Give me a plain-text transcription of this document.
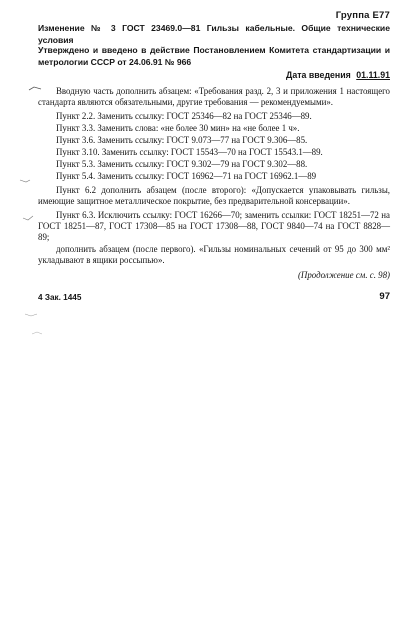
Группа Е77
Изменение № 3 ГОСТ 23469.0—81 Гильзы кабельные. Общие технические условия
Утверждено и введено в действие Постановлением Комитета стандартизации и метрологии СССР от 24.06.91 № 966
Дата введения 01.11.91

Вводную часть дополнить абзацем: «Требования разд. 2, 3 и приложения 1 настоящего стандарта являются обязательными, другие требования — рекомендуемыми».

Пункт 2.2. Заменить ссылку: ГОСТ 25346—82 на ГОСТ 25346—89.

Пункт 3.3. Заменить слова: «не более 30 мин» на «не более 1 ч».

Пункт 3.6. Заменить ссылку: ГОСТ 9.073—77 на ГОСТ 9.306—85.

Пункт 3.10. Заменить ссылку: ГОСТ 15543—70 на ГОСТ 15543.1—89.

Пункт 5.3. Заменить ссылку: ГОСТ 9.302—79 на ГОСТ 9.302—88.

Пункт 5.4. Заменить ссылку: ГОСТ 16962—71 на ГОСТ 16962.1—89

Пункт 6.2 дополнить абзацем (после второго): «Допускается упаковывать гильзы, имеющие защитное металлическое покрытие, без предварительной консервации».

Пункт 6.3. Исключить ссылку: ГОСТ 16266—70; заменить ссылки: ГОСТ 18251—72 на ГОСТ 18251—87, ГОСТ 17308—85 на ГОСТ 17308—88, ГОСТ 9840—74 на ГОСТ 8828—89;

дополнить абзацем (после первого). «Гильзы номинальных сечений от 95 до 300 мм² укладывают в ящики россыпью».

(Продолжение см. с. 98)
4 Зак. 1445	97
